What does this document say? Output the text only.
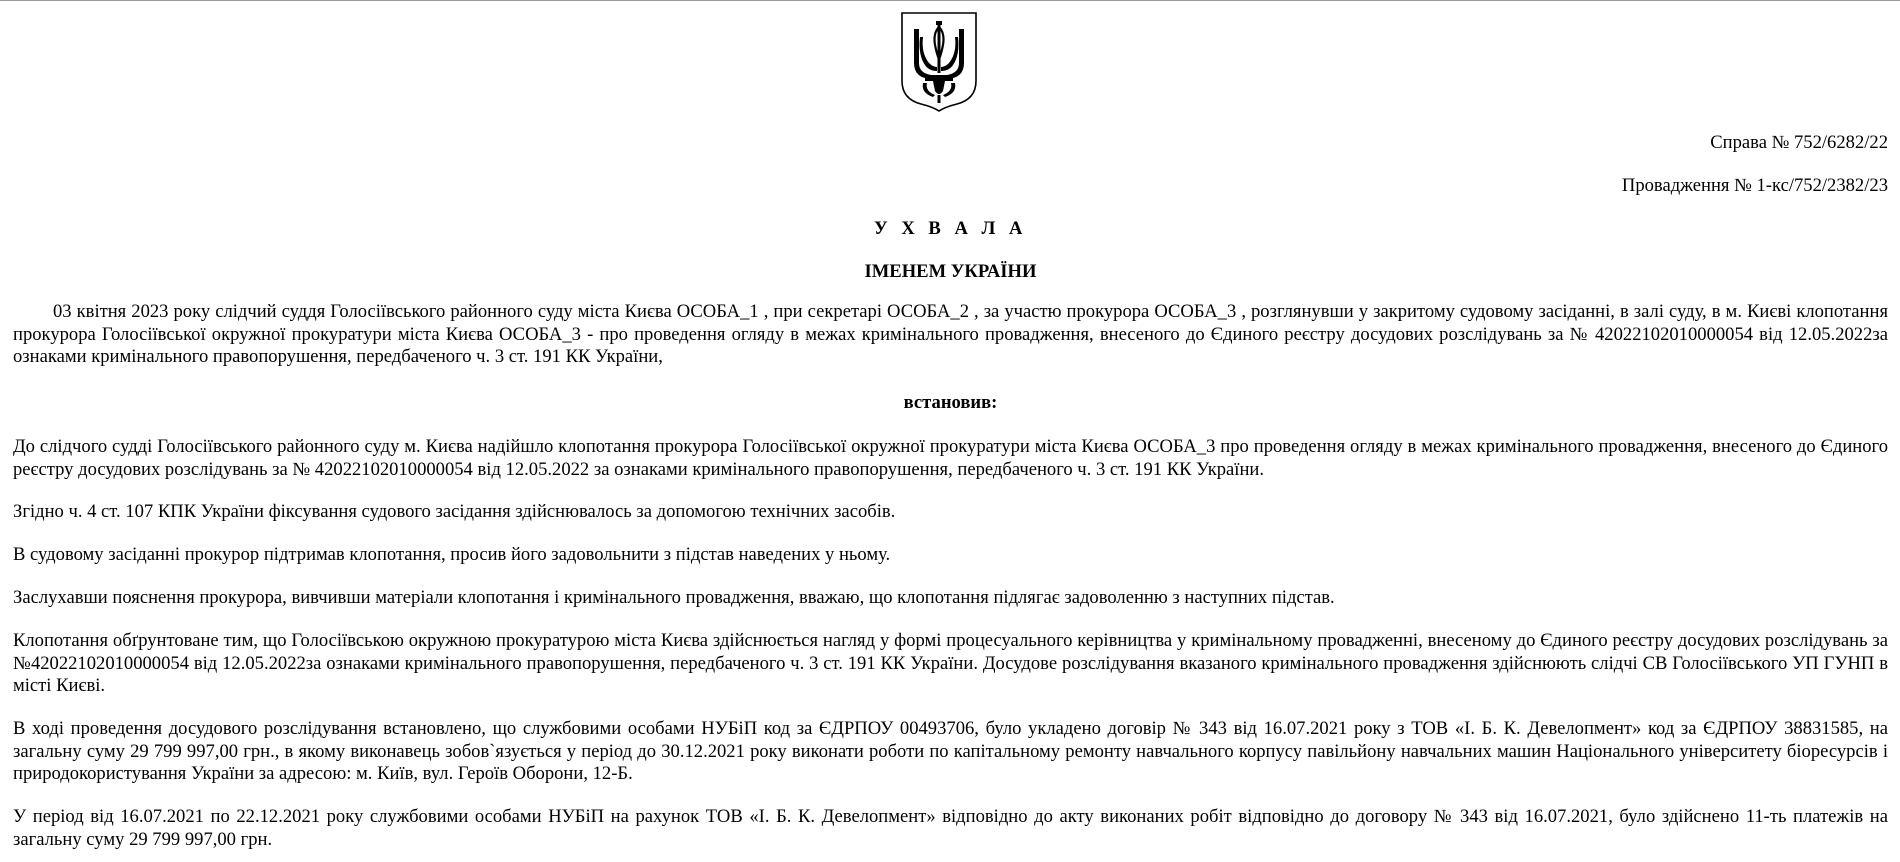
Справа № 752/6282/22
Провадження № 1-кс/752/2382/23
У Х В А Л А
ІМЕНЕМ УКРАЇНИ

03 квітня 2023 року слідчий суддя Голосіївського районного суду міста Києва ОСОБА_1 , при секретарі ОСОБА_2 , за участю прокурора ОСОБА_3 , розглянувши у закритому судовому засіданні, в залі суду, в м. Києві клопотання прокурора Голосіївської окружної прокуратури міста Києва ОСОБА_3 - про проведення огляду в межах кримінального провадження, внесеного до Єдиного реєстру досудових розслідувань за № 42022102010000054 від 12.05.2022за ознаками кримінального правопорушення, передбаченого ч. 3 ст. 191 КК України,

встановив:

До слідчого судді Голосіївського районного суду м. Києва надійшло клопотання прокурора Голосіївської окружної прокуратури міста Києва ОСОБА_3 про проведення огляду в межах кримінального провадження, внесеного до Єдиного реєстру досудових розслідувань за № 42022102010000054 від 12.05.2022 за ознаками кримінального правопорушення, передбаченого ч. 3 ст. 191 КК України.

Згідно ч. 4 ст. 107 КПК України фіксування судового засідання здійснювалось за допомогою технічних засобів.

В судовому засіданні прокурор підтримав клопотання, просив його задовольнити з підстав наведених у ньому.

Заслухавши пояснення прокурора, вивчивши матеріали клопотання і кримінального провадження, вважаю, що клопотання підлягає задоволенню з наступних підстав.

Клопотання обґрунтоване тим, що Голосіївською окружною прокуратурою міста Києва здійснюється нагляд у формі процесуального керівництва у кримінальному провадженні, внесеному до Єдиного реєстру досудових розслідувань за №42022102010000054 від 12.05.2022за ознаками кримінального правопорушення, передбаченого ч. 3 ст. 191 КК України. Досудове розслідування вказаного кримінального провадження здійснюють слідчі СВ Голосіївського УП ГУНП в місті Києві.

В ході проведення досудового розслідування встановлено, що службовими особами НУБіП код за ЄДРПОУ 00493706, було укладено договір № 343 від 16.07.2021 року з ТОВ «І. Б. К. Девелопмент» код за ЄДРПОУ 38831585, на загальну суму 29 799 997,00 грн., в якому виконавець зобов`язується у період до 30.12.2021 року виконати роботи по капітальному ремонту навчального корпусу павільйону навчальних машин Національного університету біоресурсів і природокористування України за адресою: м. Київ, вул. Героїв Оборони, 12-Б.

У період від 16.07.2021 по 22.12.2021 року службовими особами НУБіП на рахунок ТОВ «І. Б. К. Девелопмент» відповідно до акту виконаних робіт відповідно до договору № 343 від 16.07.2021, було здійснено 11-ть платежів на загальну суму 29 799 997,00 грн.
